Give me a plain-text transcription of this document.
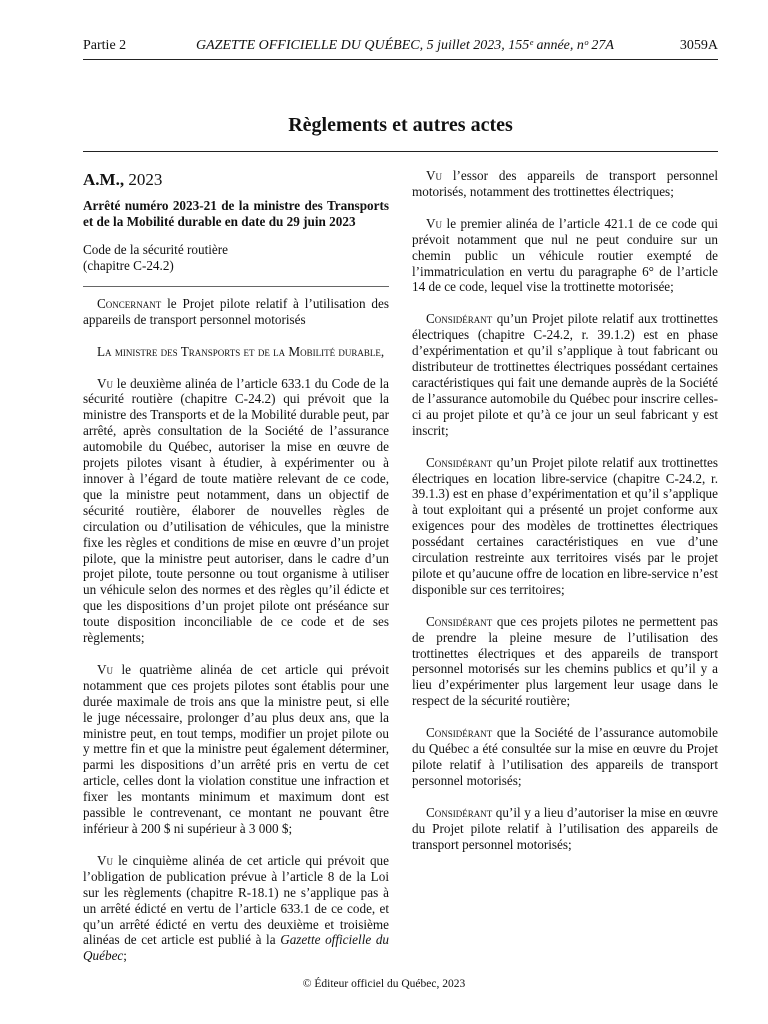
Partie 2	GAZETTE OFFICIELLE DU QUÉBEC, 5 juillet 2023, 155ᵉ année, nᵒ 27A	3059A
Règlements et autres actes
A.M., 2023
Arrêté numéro 2023-21 de la ministre des Transports et de la Mobilité durable en date du 29 juin 2023
Code de la sécurité routière
(chapitre C-24.2)

Concernant le Projet pilote relatif à l’utilisation des appareils de transport personnel motorisés

La ministre des Transports et de la Mobilité durable,

Vu le deuxième alinéa de l’article 633.1 du Code de la sécurité routière (chapitre C-24.2) qui prévoit que la ministre des Transports et de la Mobilité durable peut, par arrêté, après consultation de la Société de l’assurance automobile du Québec, autoriser la mise en œuvre de projets pilotes visant à étudier, à expérimenter ou à innover à l’égard de toute matière relevant de ce code, que la ministre peut notamment, dans un objectif de sécurité routière, élaborer de nouvelles règles de circulation ou d’utilisation de véhicules, que la ministre fixe les règles et conditions de mise en œuvre d’un projet pilote, que la ministre peut autoriser, dans le cadre d’un projet pilote, toute personne ou tout organisme à utiliser un véhicule selon des normes et des règles qu’il édicte et que les dispositions d’un projet pilote ont préséance sur toute disposition inconciliable de ce code et de ses règlements;

Vu le quatrième alinéa de cet article qui prévoit notamment que ces projets pilotes sont établis pour une durée maximale de trois ans que la ministre peut, si elle le juge nécessaire, prolonger d’au plus deux ans, que la ministre peut, en tout temps, modifier un projet pilote ou y mettre fin et que la ministre peut également déterminer, parmi les dispositions d’un arrêté pris en vertu de cet article, celles dont la violation constitue une infraction et fixer les montants minimum et maximum dont est passible le contrevenant, ce montant ne pouvant être inférieur à 200 $ ni supérieur à 3 000 $;

Vu le cinquième alinéa de cet article qui prévoit que l’obligation de publication prévue à l’article 8 de la Loi sur les règlements (chapitre R-18.1) ne s’applique pas à un arrêté édicté en vertu de l’article 633.1 de ce code, et qu’un arrêté édicté en vertu des deuxième et troisième alinéas de cet article est publié à la Gazette officielle du Québec;

Vu l’essor des appareils de transport personnel motorisés, notamment des trottinettes électriques;

Vu le premier alinéa de l’article 421.1 de ce code qui prévoit notamment que nul ne peut conduire sur un chemin public un véhicule routier exempté de l’immatriculation en vertu du paragraphe 6° de l’article 14 de ce code, lequel vise la trottinette motorisée;

Considérant qu’un Projet pilote relatif aux trottinettes électriques (chapitre C-24.2, r. 39.1.2) est en phase d’expérimentation et qu’il s’applique à tout fabricant ou distributeur de trottinettes électriques possédant certaines caractéristiques qui fait une demande auprès de la Société de l’assurance automobile du Québec pour inscrire celles-ci au projet pilote et qu’à ce jour un seul fabricant y est inscrit;

Considérant qu’un Projet pilote relatif aux trottinettes électriques en location libre-service (chapitre C-24.2, r. 39.1.3) est en phase d’expérimentation et qu’il s’applique à tout exploitant qui a présenté un projet conforme aux exigences pour des modèles de trottinettes électriques possédant certaines caractéristiques en vue d’une circulation restreinte aux territoires visés par le projet pilote et qu’aucune offre de location en libre-service n’est disponible sur ces territoires;

Considérant que ces projets pilotes ne permettent pas de prendre la pleine mesure de l’utilisation des trottinettes électriques et des appareils de transport personnel motorisés sur les chemins publics et qu’il y a lieu d’expérimenter plus largement leur usage dans le respect de la sécurité routière;

Considérant que la Société de l’assurance automobile du Québec a été consultée sur la mise en œuvre du Projet pilote relatif à l’utilisation des appareils de transport personnel motorisés;

Considérant qu’il y a lieu d’autoriser la mise en œuvre du Projet pilote relatif à l’utilisation des appareils de transport personnel motorisés;

© Éditeur officiel du Québec, 2023
